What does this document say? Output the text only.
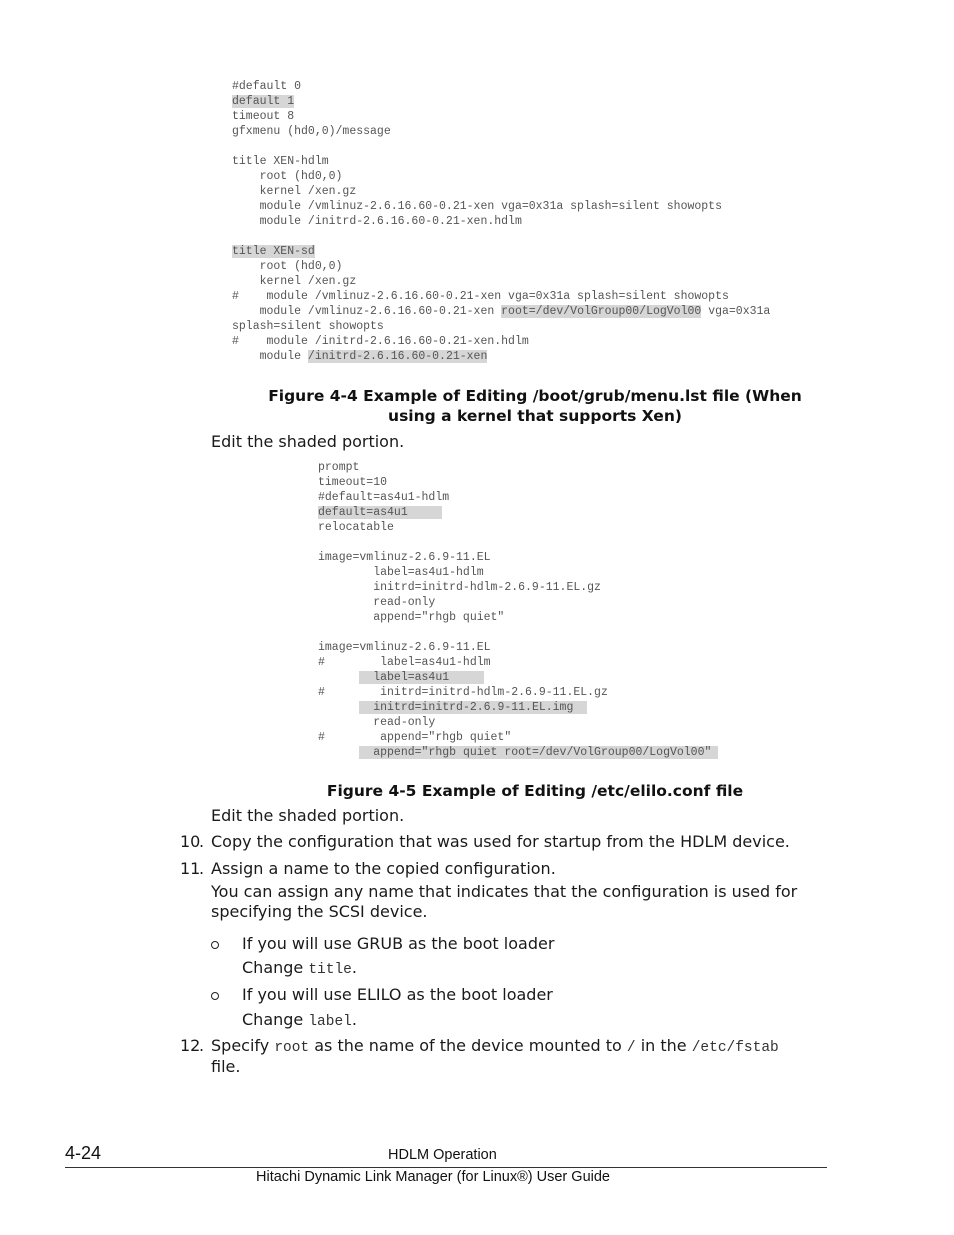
#default 0
default 1
timeout 8
gfxmenu (hd0,0)/message
title XEN-hdlm
root (hd0,0)
kernel /xen.gz
module /vmlinuz-2.6.16.60-0.21-xen vga=0x31a splash=silent showopts
module /initrd-2.6.16.60-0.21-xen.hdlm
title XEN-sd
root (hd0,0)
kernel /xen.gz
#    module /vmlinuz-2.6.16.60-0.21-xen vga=0x31a splash=silent showopts
module /vmlinuz-2.6.16.60-0.21-xen root=/dev/VolGroup00/LogVol00 vga=0x31a
splash=silent showopts
#    module /initrd-2.6.16.60-0.21-xen.hdlm
module /initrd-2.6.16.60-0.21-xen
Figure 4-4 Example of Editing /boot/grub/menu.lst file (When
using a kernel that supports Xen)
Edit the shaded portion.
prompt
timeout=10
#default=as4u1-hdlm
default=as4u1
relocatable
image=vmlinuz-2.6.9-11.EL
label=as4u1-hdlm
initrd=initrd-hdlm-2.6.9-11.EL.gz
read-only
append="rhgb quiet"
image=vmlinuz-2.6.9-11.EL
#        label=as4u1-hdlm
label=as4u1
#        initrd=initrd-hdlm-2.6.9-11.EL.gz
initrd=initrd-2.6.9-11.EL.img
read-only
#        append="rhgb quiet"
append="rhgb quiet root=/dev/VolGroup00/LogVol00"
Figure 4-5 Example of Editing /etc/elilo.conf file
Edit the shaded portion.
10
. Copy the configuration that was used for startup from the HDLM device.
11
. Assign a name to the copied configuration.
You can assign any name that indicates that the configuration is used for
specifying the SCSI device.
If you will use GRUB as the boot loader
Change title.
If you will use ELILO as the boot loader
Change label.
12
. Specify root as the name of the device mounted to / in the /etc/fstab
file.
4-24	HDLM Operation
Hitachi Dynamic Link Manager (for Linux®) User Guide
